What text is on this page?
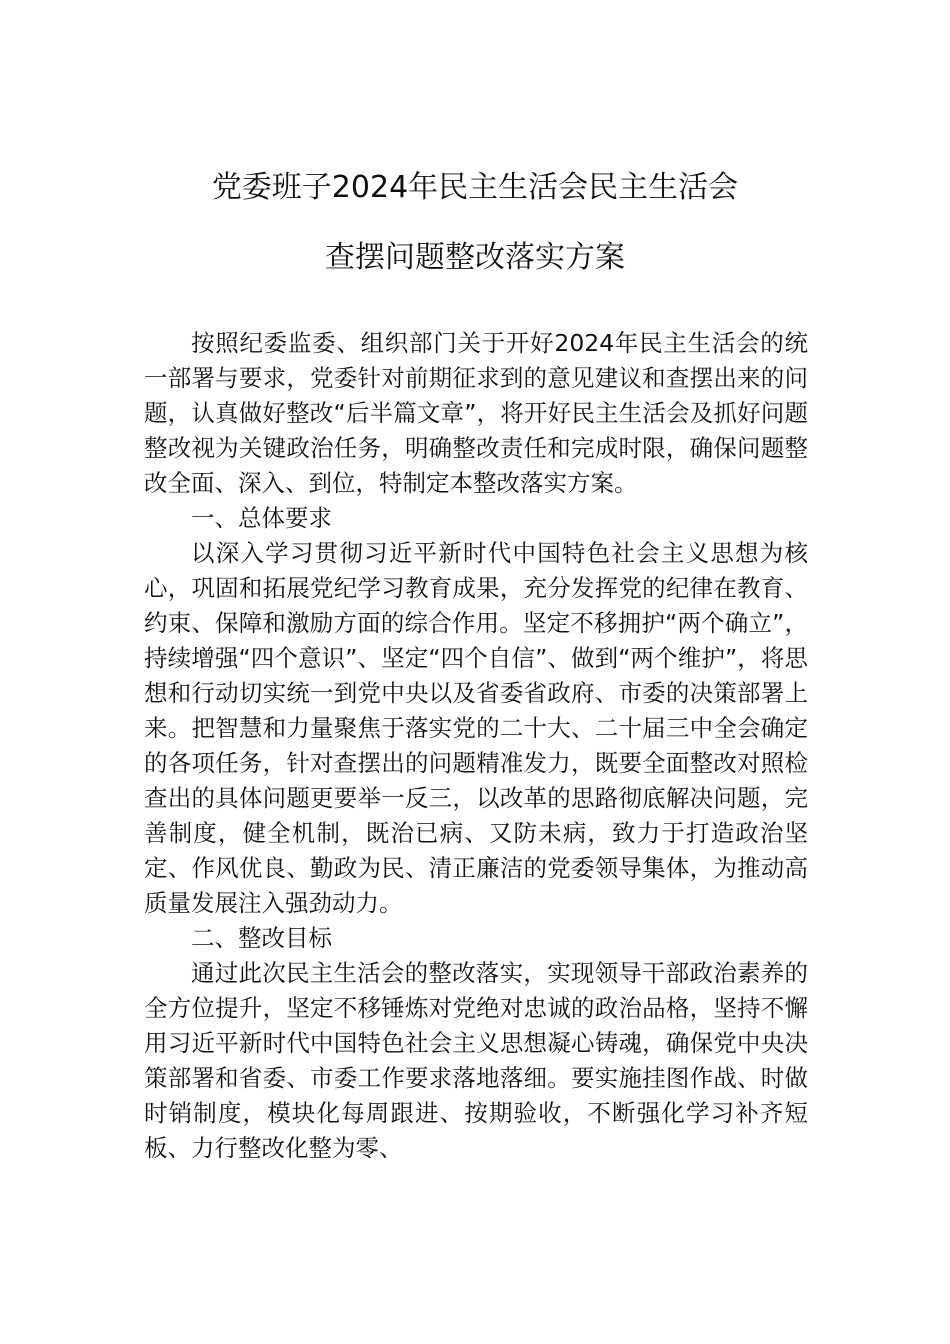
党委班子2024年民主生活会民主生活会
查摆问题整改落实方案

按照纪委监委、组织部门关于开好2024年民主生活会的统一部署与要求，党委针对前期征求到的意见建议和查摆出来的问题，认真做好整改“后半篇文章”，将开好民主生活会及抓好问题整改视为关键政治任务，明确整改责任和完成时限，确保问题整改全面、深入、到位，特制定本整改落实方案。

一、总体要求

以深入学习贯彻习近平新时代中国特色社会主义思想为核心，巩固和拓展党纪学习教育成果，充分发挥党的纪律在教育、约束、保障和激励方面的综合作用。坚定不移拥护“两个确立”，持续增强“四个意识”、坚定“四个自信”、做到“两个维护”，将思想和行动切实统一到党中央以及省委省政府、市委的决策部署上来。把智慧和力量聚焦于落实党的二十大、二十届三中全会确定的各项任务，针对查摆出的问题精准发力，既要全面整改对照检查出的具体问题更要举一反三，以改革的思路彻底解决问题，完善制度，健全机制，既治已病、又防未病，致力于打造政治坚定、作风优良、勤政为民、清正廉洁的党委领导集体，为推动高质量发展注入强劲动力。

二、整改目标

通过此次民主生活会的整改落实，实现领导干部政治素养的全方位提升，坚定不移锤炼对党绝对忠诚的政治品格，坚持不懈用习近平新时代中国特色社会主义思想凝心铸魂，确保党中央决策部署和省委、市委工作要求落地落细。要实施挂图作战、时做时销制度，模块化每周跟进、按期验收，不断强化学习补齐短板、力行整改化整为零、
